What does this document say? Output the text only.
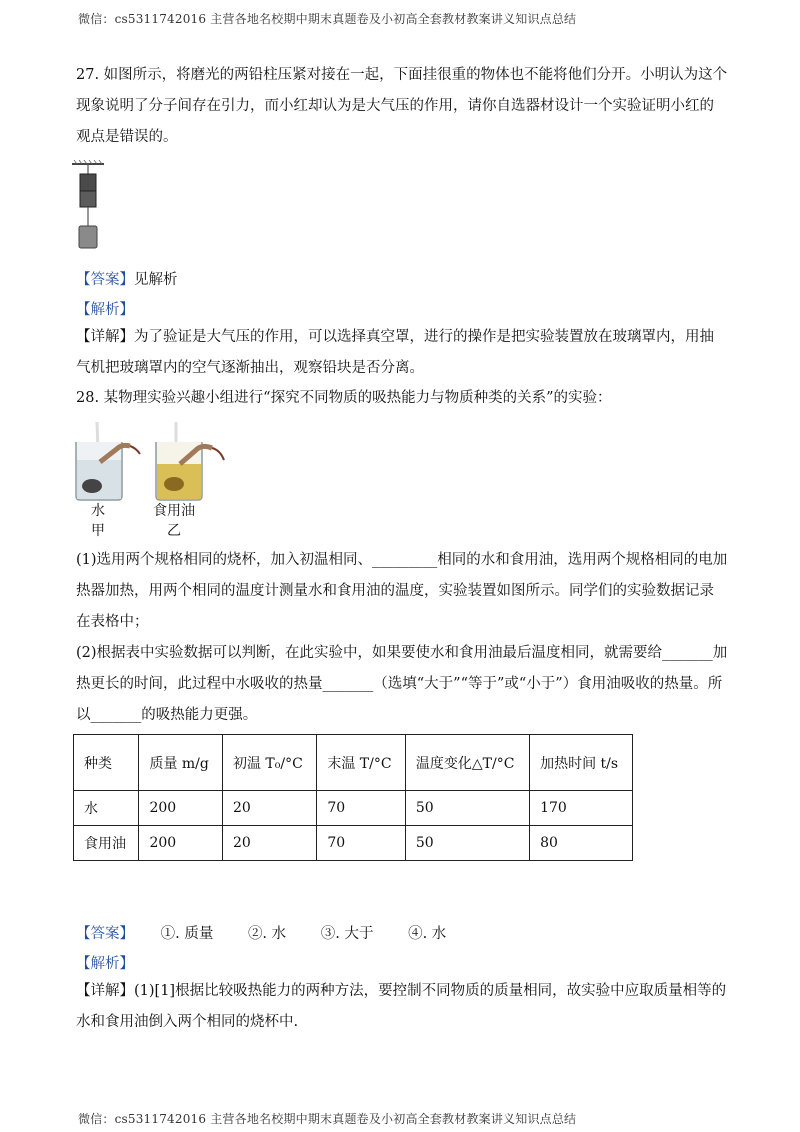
微信：cs5311742016 主营各地名校期中期末真题卷及小初高全套教材教案讲义知识点总结
27. 如图所示，将磨光的两铅柱压紧对接在一起，下面挂很重的物体也不能将他们分开。小明认为这个现象说明了分子间存在引力，而小红却认为是大气压的作用，请你自选器材设计一个实验证明小红的观点是错误的。
【答案】见解析
【解析】
【详解】为了验证是大气压的作用，可以选择真空罩，进行的操作是把实验装置放在玻璃罩内，用抽气机把玻璃罩内的空气逐渐抽出，观察铅块是否分离。
28. 某物理实验兴趣小组进行“探究不同物质的吸热能力与物质种类的关系”的实验：
水
甲
食用油
乙
(1)选用两个规格相同的烧杯，加入初温相同、_________相同的水和食用油，选用两个规格相同的电加热器加热，用两个相同的温度计测量水和食用油的温度，实验装置如图所示。同学们的实验数据记录在表格中；
(2)根据表中实验数据可以判断，在此实验中，如果要使水和食用油最后温度相同，就需要给_______加热更长的时间，此过程中水吸收的热量_______（选填“大于”“等于”或“小于”）食用油吸收的热量。所以_______的吸热能力更强。
种类	质量 m/g	初温 T₀/°C	末温 T/°C	温度变化△T/°C	加热时间 t/s
水	200	20	70	50	170
食用油	200	20	70	50	80
【答案】 ①. 质量 ②. 水 ③. 大于 ④. 水
【解析】
【详解】(1)[1]根据比较吸热能力的两种方法，要控制不同物质的质量相同，故实验中应取质量相等的水和食用油倒入两个相同的烧杯中.
微信：cs5311742016 主营各地名校期中期末真题卷及小初高全套教材教案讲义知识点总结
